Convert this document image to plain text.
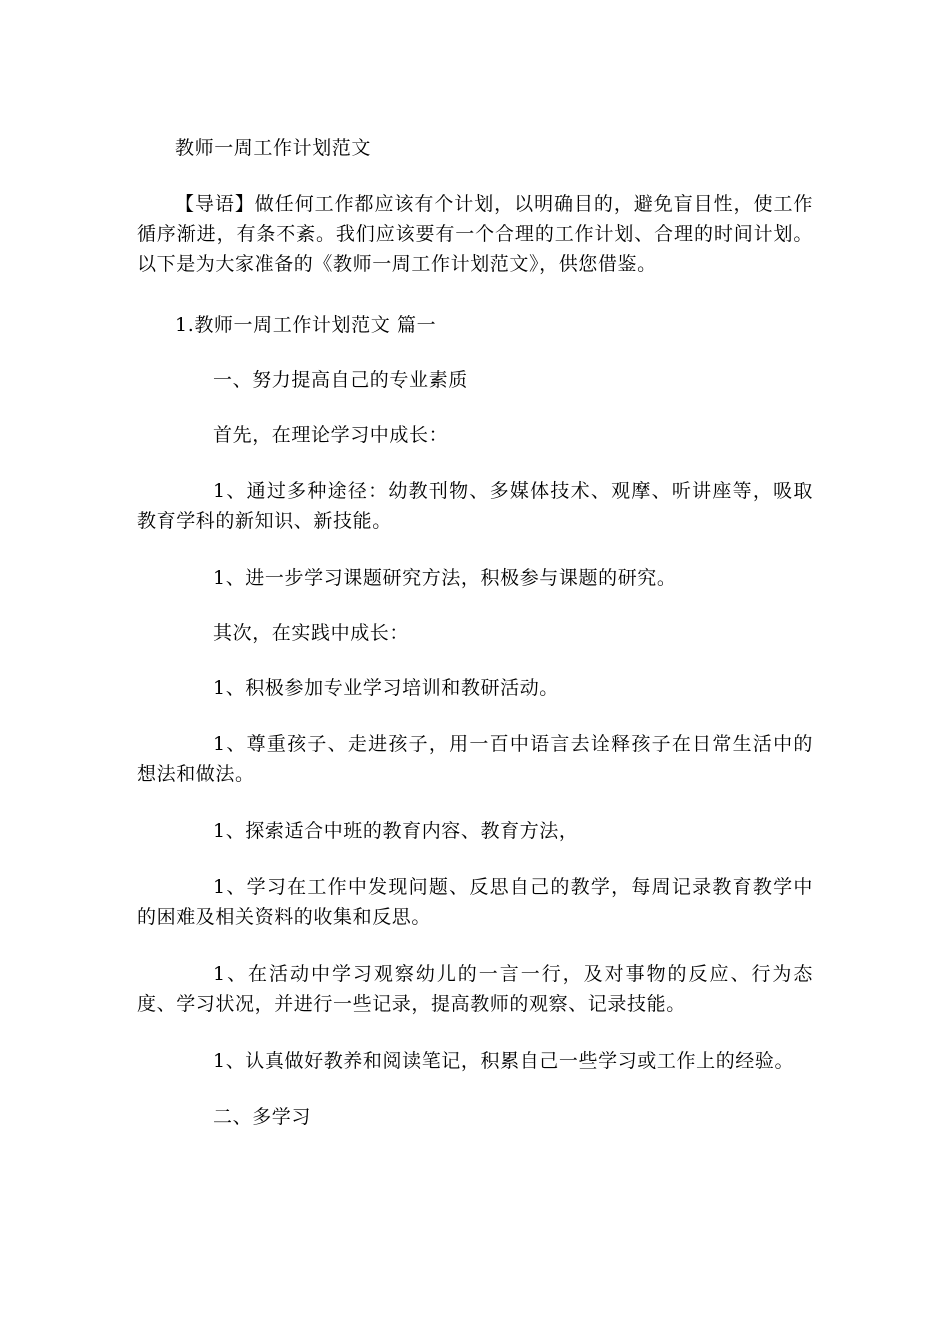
教师一周工作计划范文
【导语】做任何工作都应该有个计划，以明确目的，避免盲目性，使工作循序渐进，有条不紊。我们应该要有一个合理的工作计划、合理的时间计划。以下是为大家准备的《教师一周工作计划范文》，供您借鉴。
1.教师一周工作计划范文 篇一
一、努力提高自己的专业素质
首先，在理论学习中成长：
1、通过多种途径：幼教刊物、多媒体技术、观摩、听讲座等，吸取教育学科的新知识、新技能。
1、进一步学习课题研究方法，积极参与课题的研究。
其次，在实践中成长：
1、积极参加专业学习培训和教研活动。
1、尊重孩子、走进孩子，用一百中语言去诠释孩子在日常生活中的想法和做法。
1、探索适合中班的教育内容、教育方法，
1、学习在工作中发现问题、反思自己的教学，每周记录教育教学中的困难及相关资料的收集和反思。
1、在活动中学习观察幼儿的一言一行，及对事物的反应、行为态度、学习状况，并进行一些记录，提高教师的观察、记录技能。
1、认真做好教养和阅读笔记，积累自己一些学习或工作上的经验。
二、多学习
